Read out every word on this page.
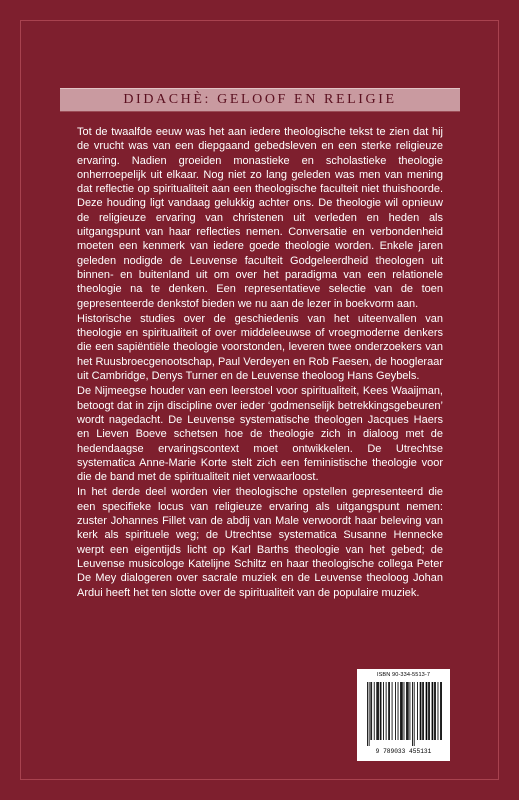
DIDACHÈ: GELOOF EN RELIGIE

Tot de twaalfde eeuw was het aan iedere theologische tekst te zien dat hij de vrucht was van een diepgaand gebedsleven en een sterke religieuze ervaring. Nadien groeiden monastieke en scholastieke theologie onherroepelijk uit elkaar. Nog niet zo lang geleden was men van mening dat reflectie op spiritualiteit aan een theologische faculteit niet thuishoorde. Deze houding ligt vandaag gelukkig achter ons. De theologie wil opnieuw de religieuze ervaring van christenen uit verleden en heden als uitgangspunt van haar reflecties nemen. Conversatie en verbondenheid moeten een kenmerk van iedere goede theologie worden. Enkele jaren geleden nodigde de Leuvense faculteit Godgeleerdheid theologen uit binnen- en buitenland uit om over het paradigma van een relationele theologie na te denken. Een representatieve selectie van de toen gepresenteerde denkstof bieden we nu aan de lezer in boekvorm aan.

Historische studies over de geschiedenis van het uiteenvallen van theologie en spiritualiteit of over middeleeuwse of vroegmoderne denkers die een sapiëntiële theologie voorstonden, leveren twee onderzoekers van het Ruusbroecgenootschap, Paul Verdeyen en Rob Faesen, de hoogleraar uit Cambridge, Denys Turner en de Leuvense theoloog Hans Geybels.

De Nijmeegse houder van een leerstoel voor spiritualiteit, Kees Waaijman, betoogt dat in zijn discipline over ieder ‘godmenselijk betrekkingsgebeuren’ wordt nagedacht. De Leuvense systematische theologen Jacques Haers en Lieven Boeve schetsen hoe de theologie zich in dialoog met de hedendaagse ervaringscontext moet ontwikkelen. De Utrechtse systematica Anne-Marie Korte stelt zich een feministische theologie voor die de band met de spiritualiteit niet verwaarloost.

In het derde deel worden vier theologische opstellen gepresenteerd die een specifieke locus van religieuze ervaring als uitgangspunt nemen: zuster Johannes Fillet van de abdij van Male verwoordt haar beleving van kerk als spirituele weg; de Utrechtse systematica Susanne Hennecke werpt een eigentijds licht op Karl Barths theologie van het gebed; de Leuvense musicologe Katelijne Schiltz en haar theologische collega Peter De Mey dialogeren over sacrale muziek en de Leuvense theoloog Johan Ardui heeft het ten slotte over de spiritualiteit van de populaire muziek.

ISBN 90-334-5513-7
9 789033 455131
